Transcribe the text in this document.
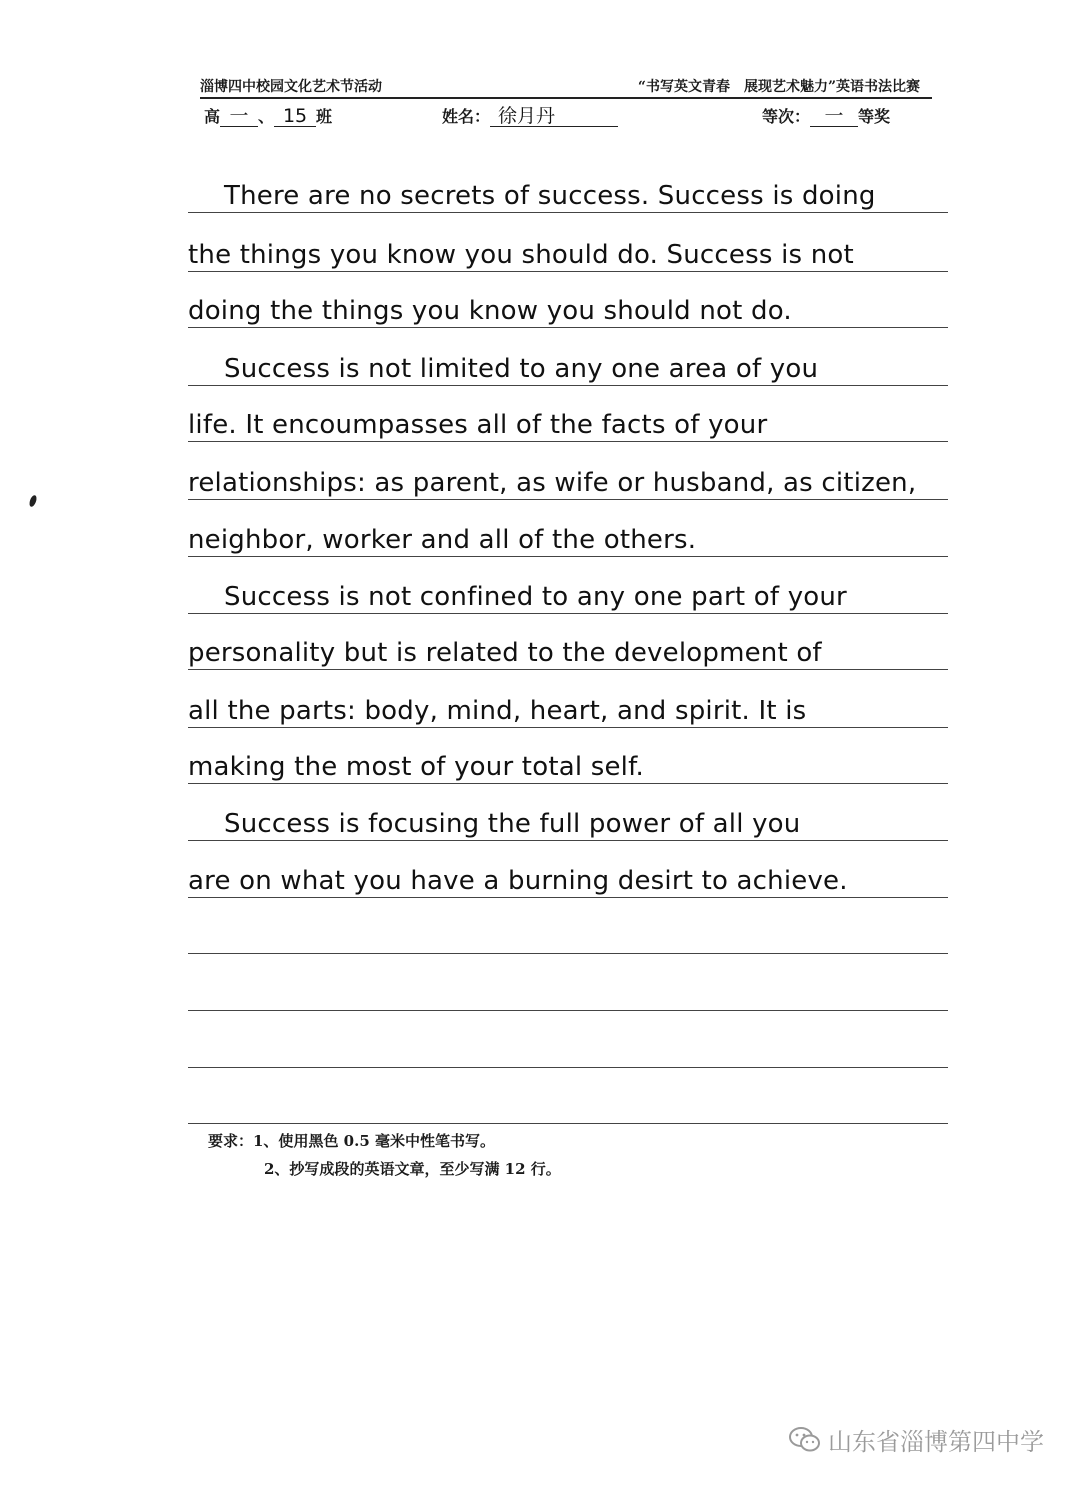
淄博四中校园文化艺术节活动	“书写英文青春　展现艺术魅力”英语书法比赛
高 一 、 15 班	姓名： 徐月丹	等次： 一 等奖
There are no secrets of success. Success is doing
the things you know you should do. Success is not
doing the things you know you should not do.
Success is not limited to any one area of you
life. It encoumpasses all of the facts of your
relationships: as parent, as wife or husband, as citizen,
neighbor, worker and all of the others.
Success is not confined to any one part of your
personality but is related to the development of
all the parts: body, mind, heart, and spirit. It is
making the most of your total self.
Success is focusing the full power of all you
are on what you have a burning desirt to achieve.
要求：1、使用黑色 0.5 毫米中性笔书写。
2、抄写成段的英语文章，至少写满 12 行。
山东省淄博第四中学
